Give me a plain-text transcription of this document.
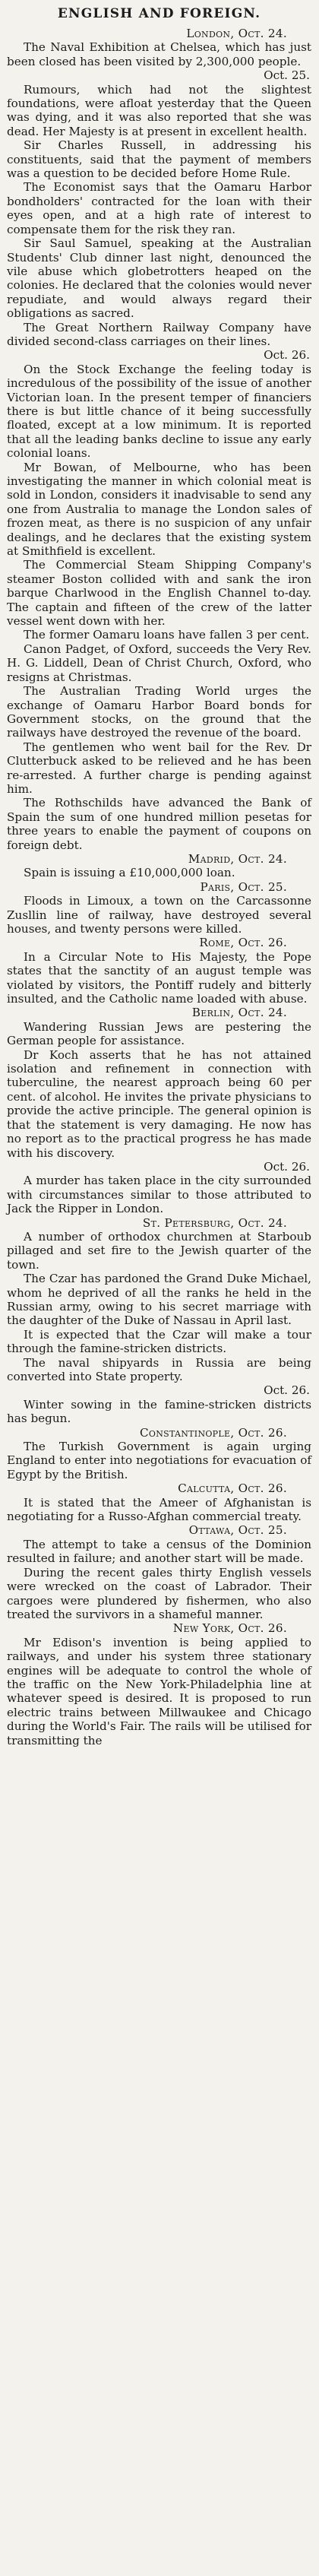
ENGLISH AND FOREIGN.
London, Oct. 24.

The Naval Exhibition at Chelsea, which has just been closed has been visited by 2,300,000 people.

Oct. 25.

Rumours, which had not the slightest foundations, were afloat yesterday that the Queen was dying, and it was also reported that she was dead. Her Majesty is at present in excellent health.

Sir Charles Russell, in addressing his constituents, said that the payment of members was a question to be decided before Home Rule.

The Economist says that the Oamaru Harbor bondholders' contracted for the loan with their eyes open, and at a high rate of interest to compensate them for the risk they ran.

Sir Saul Samuel, speaking at the Australian Students' Club dinner last night, denounced the vile abuse which globetrotters heaped on the colonies. He declared that the colonies would never repudiate, and would always regard their obligations as sacred.

The Great Northern Railway Company have divided second-class carriages on their lines.

Oct. 26.

On the Stock Exchange the feeling today is incredulous of the possibility of the issue of another Victorian loan. In the present temper of financiers there is but little chance of it being successfully floated, except at a low minimum. It is reported that all the leading banks decline to issue any early colonial loans.

Mr Bowan, of Melbourne, who has been investigating the manner in which colonial meat is sold in London, considers it inadvisable to send any one from Australia to manage the London sales of frozen meat, as there is no suspicion of any unfair dealings, and he declares that the existing system at Smithfield is excellent.

The Commercial Steam Shipping Company's steamer Boston collided with and sank the iron barque Charlwood in the English Channel to-day. The captain and fifteen of the crew of the latter vessel went down with her.

The former Oamaru loans have fallen 3 per cent.

Canon Padget, of Oxford, succeeds the Very Rev. H. G. Liddell, Dean of Christ Church, Oxford, who resigns at Christmas.

The Australian Trading World urges the exchange of Oamaru Harbor Board bonds for Government stocks, on the ground that the railways have destroyed the revenue of the board.

The gentlemen who went bail for the Rev. Dr Clutterbuck asked to be relieved and he has been re-arrested. A further charge is pending against him.

The Rothschilds have advanced the Bank of Spain the sum of one hundred million pesetas for three years to enable the payment of coupons on foreign debt.

Madrid, Oct. 24.

Spain is issuing a £10,000,000 loan.

Paris, Oct. 25.

Floods in Limoux, a town on the Carcassonne Zusllin line of railway, have destroyed several houses, and twenty persons were killed.

Rome, Oct. 26.

In a Circular Note to His Majesty, the Pope states that the sanctity of an august temple was violated by visitors, the Pontiff rudely and bitterly insulted, and the Catholic name loaded with abuse.

Berlin, Oct. 24.

Wandering Russian Jews are pestering the German people for assistance.

Dr Koch asserts that he has not attained isolation and refinement in connection with tuberculine, the nearest approach being 60 per cent. of alcohol. He invites the private physicians to provide the active principle. The general opinion is that the statement is very damaging. He now has no report as to the practical progress he has made with his discovery.

Oct. 26.

A murder has taken place in the city surrounded with circumstances similar to those attributed to Jack the Ripper in London.

St. Petersburg, Oct. 24.

A number of orthodox churchmen at Starboub pillaged and set fire to the Jewish quarter of the town.

The Czar has pardoned the Grand Duke Michael, whom he deprived of all the ranks he held in the Russian army, owing to his secret marriage with the daughter of the Duke of Nassau in April last.

It is expected that the Czar will make a tour through the famine-stricken districts.

The naval shipyards in Russia are being converted into State property.

Oct. 26.

Winter sowing in the famine-stricken districts has begun.

Constantinople, Oct. 26.

The Turkish Government is again urging England to enter into negotiations for evacuation of Egypt by the British.

Calcutta, Oct. 26.

It is stated that the Ameer of Afghanistan is negotiating for a Russo-Afghan commercial treaty.

Ottawa, Oct. 25.

The attempt to take a census of the Dominion resulted in failure; and another start will be made.

During the recent gales thirty English vessels were wrecked on the coast of Labrador. Their cargoes were plundered by fishermen, who also treated the survivors in a shameful manner.

New York, Oct. 26.

Mr Edison's invention is being applied to railways, and under his system three stationary engines will be adequate to control the whole of the traffic on the New York-Philadelphia line at whatever speed is desired. It is proposed to run electric trains between Millwaukee and Chicago during the World's Fair. The rails will be utilised for transmitting the
